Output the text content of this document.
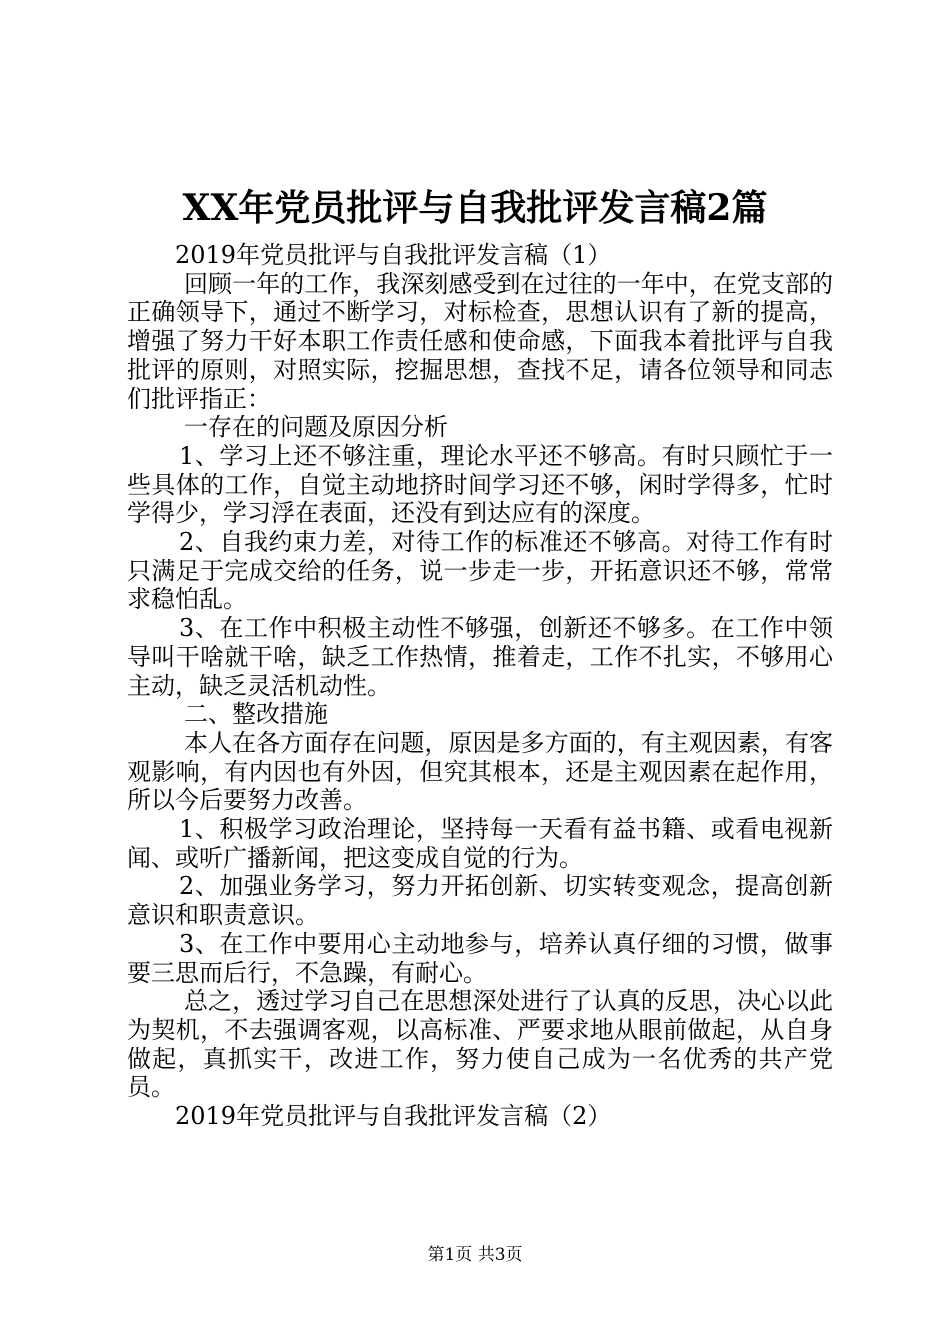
XX年党员批评与自我批评发言稿2篇

2019年党员批评与自我批评发言稿（1）

回顾一年的工作，我深刻感受到在过往的一年中，在党支部的正确领导下，通过不断学习，对标检查，思想认识有了新的提高，增强了努力干好本职工作责任感和使命感，下面我本着批评与自我批评的原则，对照实际，挖掘思想，查找不足，请各位领导和同志们批评指正：

一存在的问题及原因分析

1、学习上还不够注重，理论水平还不够高。有时只顾忙于一些具体的工作，自觉主动地挤时间学习还不够，闲时学得多，忙时学得少，学习浮在表面，还没有到达应有的深度。

2、自我约束力差，对待工作的标准还不够高。对待工作有时只满足于完成交给的任务，说一步走一步，开拓意识还不够，常常求稳怕乱。

3、在工作中积极主动性不够强，创新还不够多。在工作中领导叫干啥就干啥，缺乏工作热情，推着走，工作不扎实，不够用心主动，缺乏灵活机动性。

二、整改措施

本人在各方面存在问题，原因是多方面的，有主观因素，有客观影响，有内因也有外因，但究其根本，还是主观因素在起作用，所以今后要努力改善。

1、积极学习政治理论，坚持每一天看有益书籍、或看电视新闻、或听广播新闻，把这变成自觉的行为。

2、加强业务学习，努力开拓创新、切实转变观念，提高创新意识和职责意识。

3、在工作中要用心主动地参与，培养认真仔细的习惯，做事要三思而后行，不急躁，有耐心。

总之，透过学习自己在思想深处进行了认真的反思，决心以此为契机，不去强调客观，以高标准、严要求地从眼前做起，从自身做起，真抓实干，改进工作，努力使自己成为一名优秀的共产党员。

2019年党员批评与自我批评发言稿（2）

第1页 共3页
